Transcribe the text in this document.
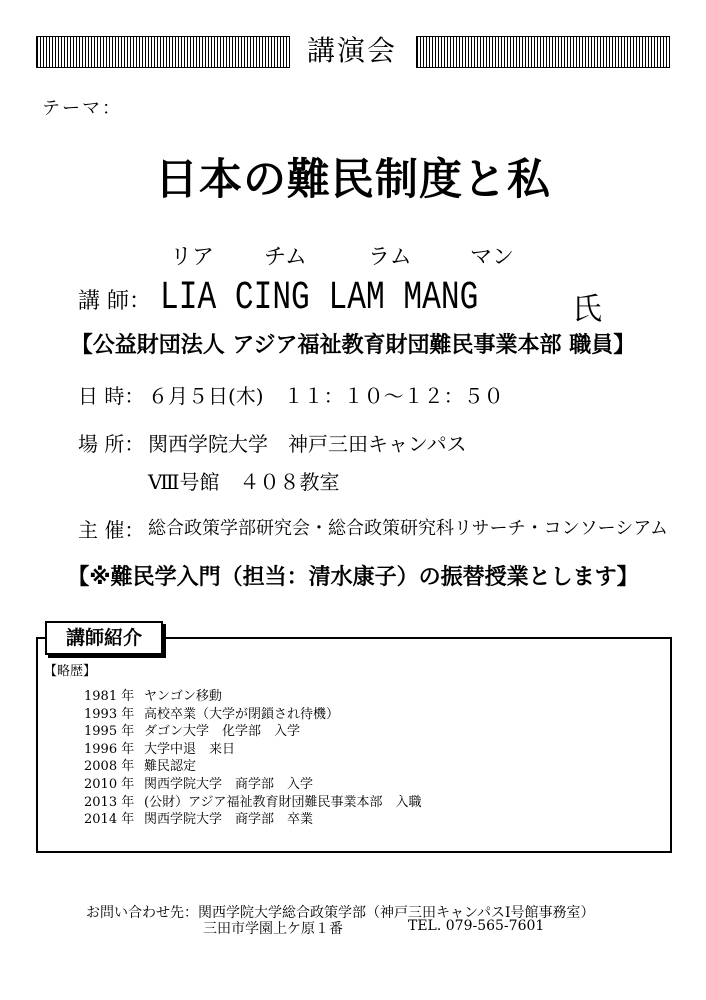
講演会
テーマ：
日本の難民制度と私
リア チム	ラム	マン
講 師： LIA CING LAM MANG	氏
【公益財団法人 アジア福祉教育財団難民事業本部 職員】
日 時： ６月５日(木)　１１：１０～１２：５０
場 所： 関西学院大学　神戸三田キャンパス
Ⅷ号館　４０８教室
主 催： 総合政策学部研究会・総合政策研究科リサーチ・コンソーシアム
【※難民学入門（担当：清水康子）の振替授業とします】
講師紹介
【略歴】
1981 年 ヤンゴン移動
1993 年 高校卒業（大学が閉鎖され待機）
1995 年 ダゴン大学　化学部　入学
1996 年 大学中退　来日
2008 年 難民認定
2010 年 関西学院大学　商学部　入学
2013 年 (公財）アジア福祉教育財団難民事業本部　入職
2014 年 関西学院大学　商学部　卒業
お問い合わせ先：関西学院大学総合政策学部（神戸三田キャンパスⅠ号館事務室）
三田市学園上ケ原１番	TEL. 079-565-7601
